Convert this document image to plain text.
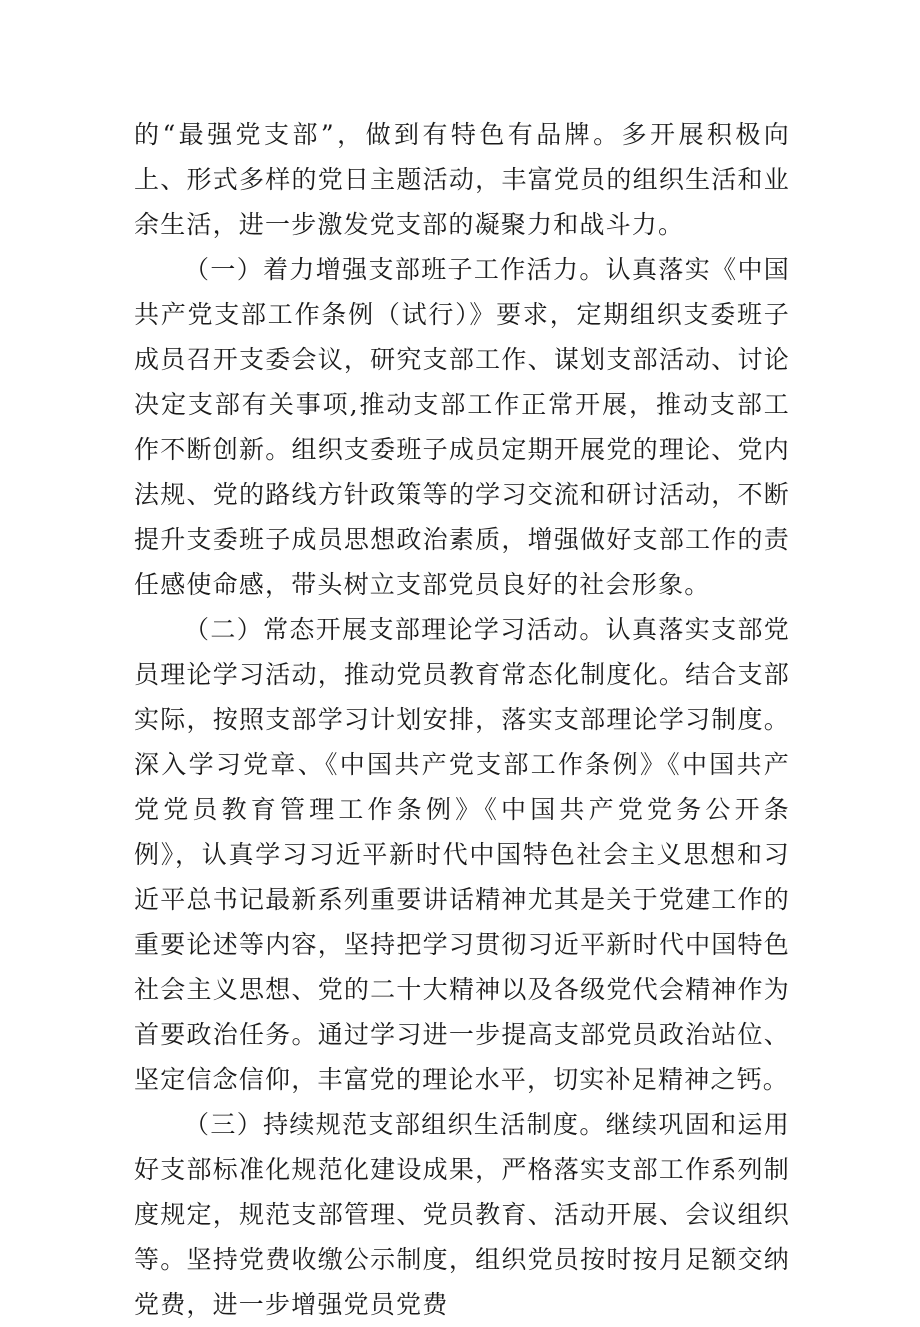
的“最强党支部”，做到有特色有品牌。多开展积极向上、形式多样的党日主题活动，丰富党员的组织生活和业余生活，进一步激发党支部的凝聚力和战斗力。

（一）着力增强支部班子工作活力。认真落实《中国共产党支部工作条例（试行）》要求，定期组织支委班子成员召开支委会议，研究支部工作、谋划支部活动、讨论决定支部有关事项,推动支部工作正常开展，推动支部工作不断创新。组织支委班子成员定期开展党的理论、党内法规、党的路线方针政策等的学习交流和研讨活动，不断提升支委班子成员思想政治素质，增强做好支部工作的责任感使命感，带头树立支部党员良好的社会形象。

（二）常态开展支部理论学习活动。认真落实支部党员理论学习活动，推动党员教育常态化制度化。结合支部实际，按照支部学习计划安排，落实支部理论学习制度。深入学习党章、《中国共产党支部工作条例》《中国共产党党员教育管理工作条例》《中国共产党党务公开条例》，认真学习习近平新时代中国特色社会主义思想和习近平总书记最新系列重要讲话精神尤其是关于党建工作的重要论述等内容，坚持把学习贯彻习近平新时代中国特色社会主义思想、党的二十大精神以及各级党代会精神作为首要政治任务。通过学习进一步提高支部党员政治站位、坚定信念信仰，丰富党的理论水平，切实补足精神之钙。

（三）持续规范支部组织生活制度。继续巩固和运用好支部标准化规范化建设成果，严格落实支部工作系列制度规定，规范支部管理、党员教育、活动开展、会议组织等。坚持党费收缴公示制度，组织党员按时按月足额交纳党费，进一步增强党员党费
